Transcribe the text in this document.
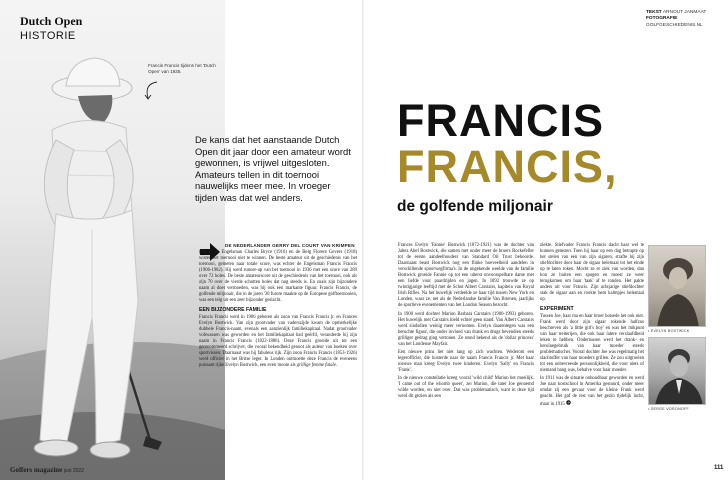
Dutch Open
HISTORIE
Francis Francis tijdens het 'Dutch Open' van 1935.
De kans dat het aanstaande Dutch Open dit jaar door een amateur wordt gewonnen, is vrijwel uitgesloten. Amateurs tellen in dit toernooi nauwelijks meer mee. In vroeger tijden was dat wel anders.

DE NEDERLANDER GERRY DEL COURT VAN KRIMPEN
(1915), de Engelsman Charles Bryce (1916) en de Belg Florent Gevers (1918) wisten het toernooi niet te winnen. De beste amateur uit de geschiedenis van het toernooi, gemeten naar totale score, was echter de Engelsman Francis Francis (1906-1982). Hij werd runner-up van het toernooi in 1936 met een score van 289 over 72 holes. De beste amateurscore uit de geschiedenis van het toernooi, ook als zijn 70 over de vierde schotten holes dat nog steeds is. En zoals zijn bijzondere naam al doet vermoeden, was hij ook een markante figuur. Francis Francis, de golfende miljonair, die in de jaren '30 furore maakte op de Europese golftoernooien, was een telg uit een zeer bijzonder geslacht.

EEN BIJZONDERE FAMILIE

Francis Francis werd in 1906 geboren als zoon van Francis Francis jr. en Frances Evelyn Bostwick. Van zijn grootvader van vaderszijde kwam de opmerkelijke dubbele Francis-naam, evenals een aanzienlijk familiekapitaal. Nadat grootvader vobwassen was geworden en het familiekapitaal had geërfd, veranderde hij zijn naam in Francis Francis (1822-1886). Deze Francis groeide uit tot een gerenommeerd schrijver, die vooral bekendheid genoot als auteur van boeken over sportvissen. Daarnaast was hij fabuleus rijk. Zijn zoon Francis Francis (1853-1926) werd officier in het Britse leger. In Londen ontmoette deze Francis de eveneens puissant rijke Evelyn Bostwick, een even mooie als grillige femme fatale.

Golfers magazine juni 2022
TEKST ARNOUT JANMAAT
FOTOGRAFIE GOLFGESCHIEDENIS.NL
FRANCIS
FRANCIS,
de golfende miljonair

Frances Evelyn 'Fannie' Bostwick (1872-1921) was de dochter van Jabez Abel Bostwick, die samen met onder meer de broers Rockefeller tot de eerste aandeelhouders van Standard Oil Trust behoorde. Daarnaast beast Bostwick nog een flinke hoeveelheid aandelen in verschillende spoorwegfirma's. In de ongekende weelde van de familie Bostwick groeide Fannie op tot een uiterst onvoorspelbare dame met een liefde voor paardrijden en jagen. In 1892 trouwde ze op twintigjarige leeftijd met de Schot Albert Carstairs, kapitein van Royal Irish Rifles. Na het huwelijk verdeelde ze haar tijd tussen New York en Londen, waar ze, net als de Nederlandse familie Van Brienen, jaarlijks de sportieve evenementen van het London Season bezocht.

In 1900 werd dochter Marion Barbara Carstairs (1900-1993) geboren. Het huwelijk met Carstairs hield echter geen stand. Van Albert Carstairs werd sindsdien weinig meer vernomen. Evelyn daarentegen was een beruchte figuur, die onder invloed van drank en drugs bevendien steeds grilliger gedrag ging vertonen. Ze stond bekend als de 'dollar princess' van het Londense Mayfair.

Een nieuwe prins liet niet lang op zich wachten. Wederom een legerofficier, die luisterde naar de naam Francis Francis jr. Met haar nieuwe man kreeg Evelyn twee kinderen: Evelyn 'Sally' en Francis 'Frank'.

In de nieuwe constellatie kreeg vooral 'wild child' Marion het moeilijk. 'I came out of the whomb queer', zei Marion, die later Joe genoemd wilde worden, en niet over. Dat was problematisch, want in deze tijd werd dit gezien als een

ziekte. Stiefvader Francis Francis dacht haar wel te kunnen genezen. Toen hij haar op een dag betrapte op het stelen van een van zijn sigaren, strafte hij zijn stiefdochter door haar de sigaar helemaal tot het einde op te laten roken. Mocht ze er ziek van worden, dan kon ze buiten een spugen en moest ze weer terugkomen om haar 'taak' af te ronden. Het pakte anders uit voor Francis. Zijn achtjarige stiefdochter stak de sigaar aan en rookte hem kalmpjes helemaal op.

EXPERIMENT

Tussen Joe, haar ma en haar broer botsede het ook niet. Frank werd door zijn sigaar rokende halfzus beschreven als 'a little girl's boy' en was het mikpunt van haar treiterijen, die ook haar latere verslaafdheid leken te hebben. Ondertussen werd het drank- en heroïnegebruik van haar moeder steeds problematischer. Vooral dochter Joe was regelmatig het slachtoffer van haar moeders grillen. Ze zou uitgroeien tot een onbevreesde persoonlijkheid, die voor niets of niemand bang was, behalve voor haar moeder.

In 1911 was de situatie onhoudbaar geworden en werd Joe naar kostschool in Amerika gestuurd, onder meer omdat zij een gevaar voor de kleine Frank werd geacht. Het gaf de rest van het gezin tijdelijk lucht, maar in 1915

• EVELYN BOSTWICK
• SERGE VORONOFF
111
